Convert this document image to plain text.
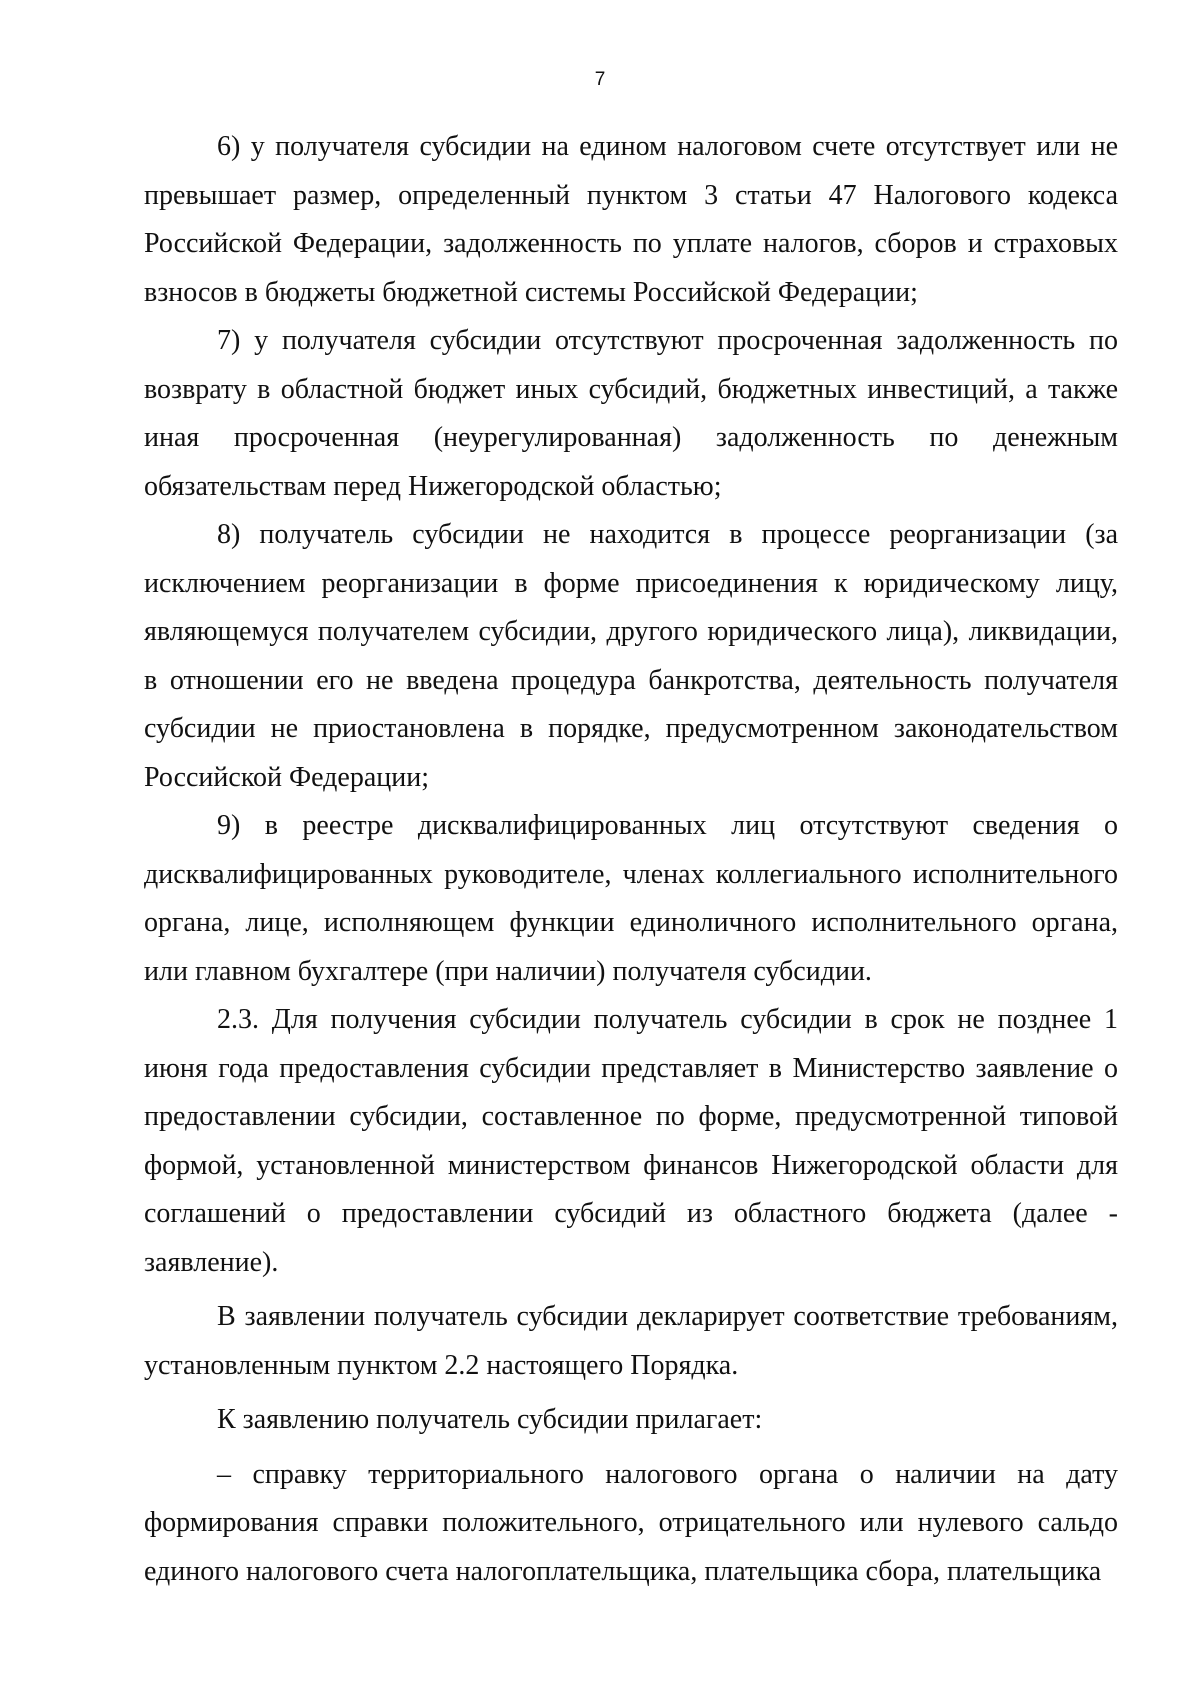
7

6) у получателя субсидии на едином налоговом счете отсутствует или не превышает размер, определенный пунктом 3 статьи 47 Налогового кодекса Российской Федерации, задолженность по уплате налогов, сборов и страховых взносов в бюджеты бюджетной системы Российской Федерации;

7) у получателя субсидии отсутствуют просроченная задолженность по возврату в областной бюджет иных субсидий, бюджетных инвестиций, а также иная просроченная (неурегулированная) задолженность по денежным обязательствам перед Нижегородской областью;

8) получатель субсидии не находится в процессе реорганизации (за исключением реорганизации в форме присоединения к юридическому лицу, являющемуся получателем субсидии, другого юридического лица), ликвидации, в отношении его не введена процедура банкротства, деятельность получателя субсидии не приостановлена в порядке, предусмотренном законодательством Российской Федерации;

9) в реестре дисквалифицированных лиц отсутствуют сведения о дисквалифицированных руководителе, членах коллегиального исполнительного органа, лице, исполняющем функции единоличного исполнительного органа, или главном бухгалтере (при наличии) получателя субсидии.

2.3. Для получения субсидии получатель субсидии в срок не позднее 1 июня года предоставления субсидии представляет в Министерство заявление о предоставлении субсидии, составленное по форме, предусмотренной типовой формой, установленной министерством финансов Нижегородской области для соглашений о предоставлении субсидий из областного бюджета (далее - заявление).

В заявлении получатель субсидии декларирует соответствие требованиям, установленным пунктом 2.2 настоящего Порядка.

К заявлению получатель субсидии прилагает:

– справку территориального налогового органа о наличии на дату формирования справки положительного, отрицательного или нулевого сальдо единого налогового счета налогоплательщика, плательщика сбора, плательщика
